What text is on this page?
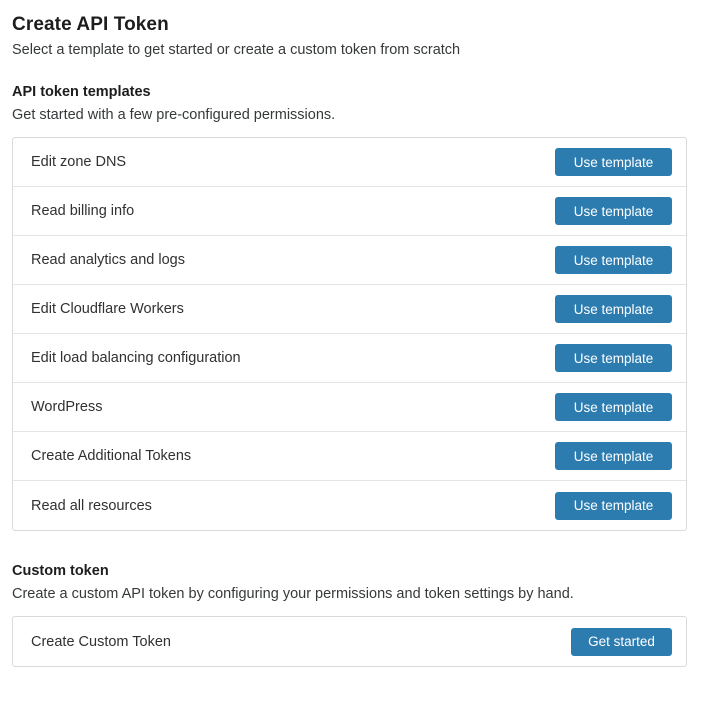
Create API Token

Select a template to get started or create a custom token from scratch

API token templates

Get started with a few pre-configured permissions.

Edit zone DNS	Use template
Read billing info	Use template
Read analytics and logs	Use template
Edit Cloudflare Workers	Use template
Edit load balancing configuration	Use template
WordPress	Use template
Create Additional Tokens	Use template
Read all resources	Use template
Custom token

Create a custom API token by configuring your permissions and token settings by hand.

Create Custom Token	Get started
